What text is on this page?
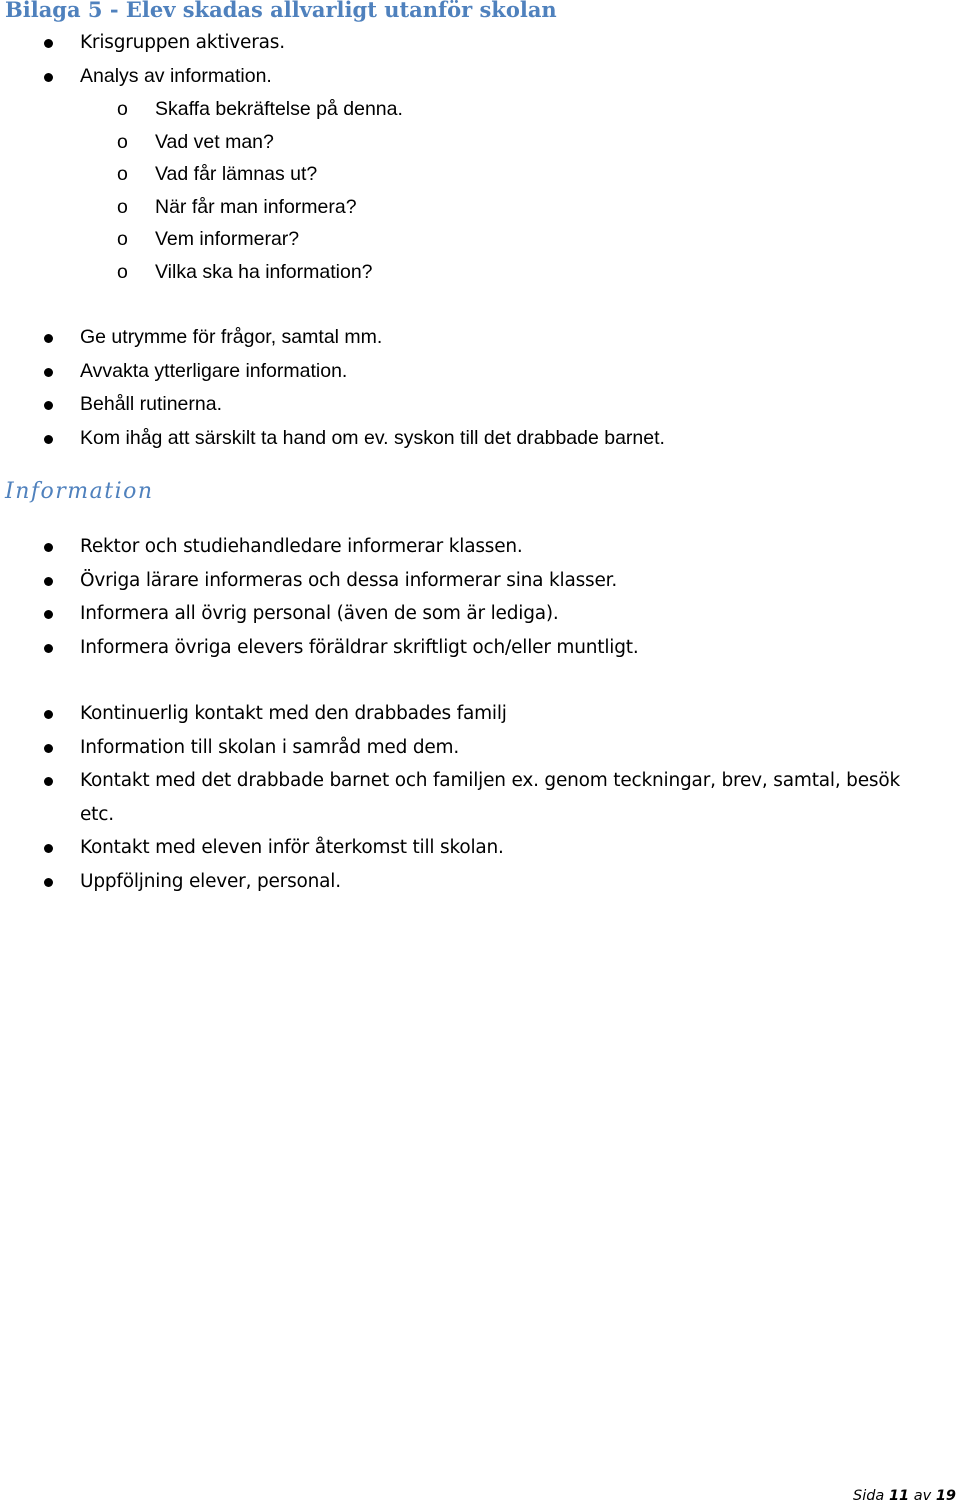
Bilaga 5 - Elev skadas allvarligt utanför skolan
Krisgruppen aktiveras.
Analys av information.
o Skaffa bekräftelse på denna.
o Vad vet man?
o Vad får lämnas ut?
o När får man informera?
o Vem informerar?
o Vilka ska ha information?
Ge utrymme för frågor, samtal mm.
Avvakta ytterligare information.
Behåll rutinerna.
Kom ihåg att särskilt ta hand om ev. syskon till det drabbade barnet.
Information
Rektor och studiehandledare informerar klassen.
Övriga lärare informeras och dessa informerar sina klasser.
Informera all övrig personal (även de som är lediga).
Informera övriga elevers föräldrar skriftligt och/eller muntligt.
Kontinuerlig kontakt med den drabbades familj
Information till skolan i samråd med dem.
Kontakt med det drabbade barnet och familjen ex. genom teckningar, brev, samtal, besök etc.
Kontakt med eleven inför återkomst till skolan.
Uppföljning elever, personal.
Sida 11 av 19
